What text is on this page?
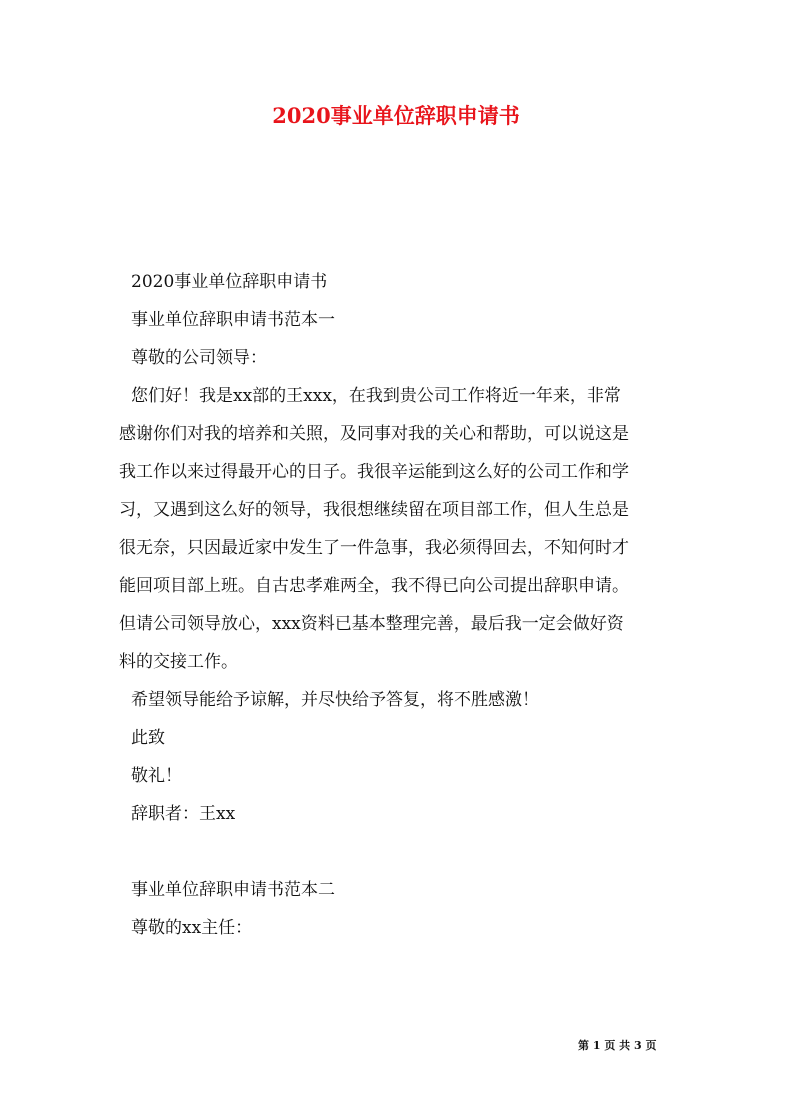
2020事业单位辞职申请书
2020事业单位辞职申请书
事业单位辞职申请书范本一
尊敬的公司领导：
您们好！我是xx部的王xxx，在我到贵公司工作将近一年来，非常
感谢你们对我的培养和关照，及同事对我的关心和帮助，可以说这是
我工作以来过得最开心的日子。我很辛运能到这么好的公司工作和学
习，又遇到这么好的领导，我很想继续留在项目部工作，但人生总是
很无奈，只因最近家中发生了一件急事，我必须得回去，不知何时才
能回项目部上班。自古忠孝难两全，我不得已向公司提出辞职申请。
但请公司领导放心，xxx资料已基本整理完善，最后我一定会做好资
料的交接工作。
希望领导能给予谅解，并尽快给予答复，将不胜感激！
此致
敬礼！
辞职者：王xx
事业单位辞职申请书范本二
尊敬的xx主任：
第 1 页 共 3 页
